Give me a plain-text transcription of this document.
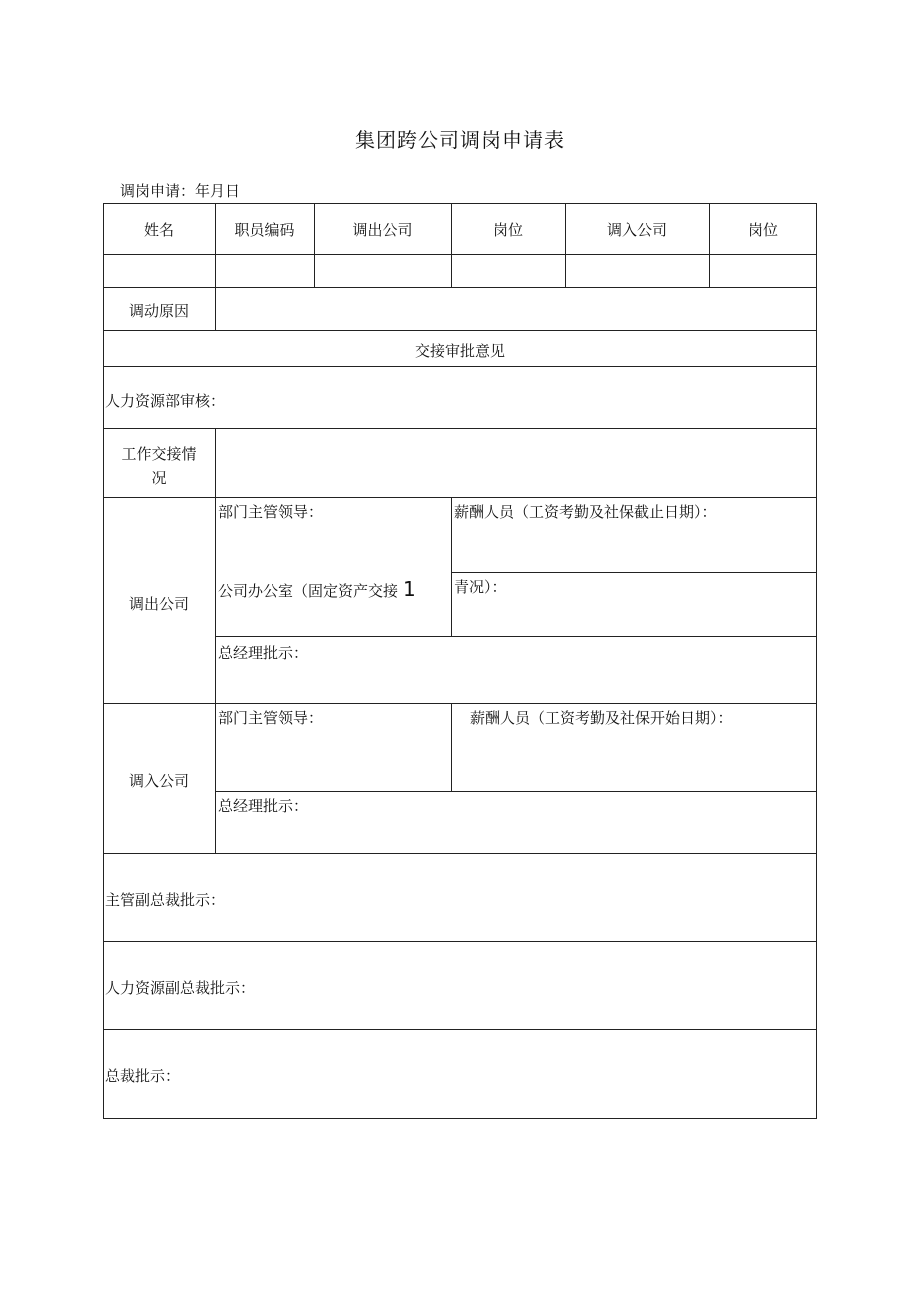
集团跨公司调岗申请表
调岗申请：年月日
姓名	职员编码	调出公司	岗位	调入公司	岗位
调动原因
交接审批意见
人力资源部审核：
工作交接情
况
调出公司
部门主管领导：	薪酬人员（工资考勤及社保截止日期）：
公司办公室（固定资产交接 1	青况）：
总经理批示：
调入公司
部门主管领导：	薪酬人员（工资考勤及社保开始日期）：
总经理批示：
主管副总裁批示：
人力资源副总裁批示：
总裁批示：
